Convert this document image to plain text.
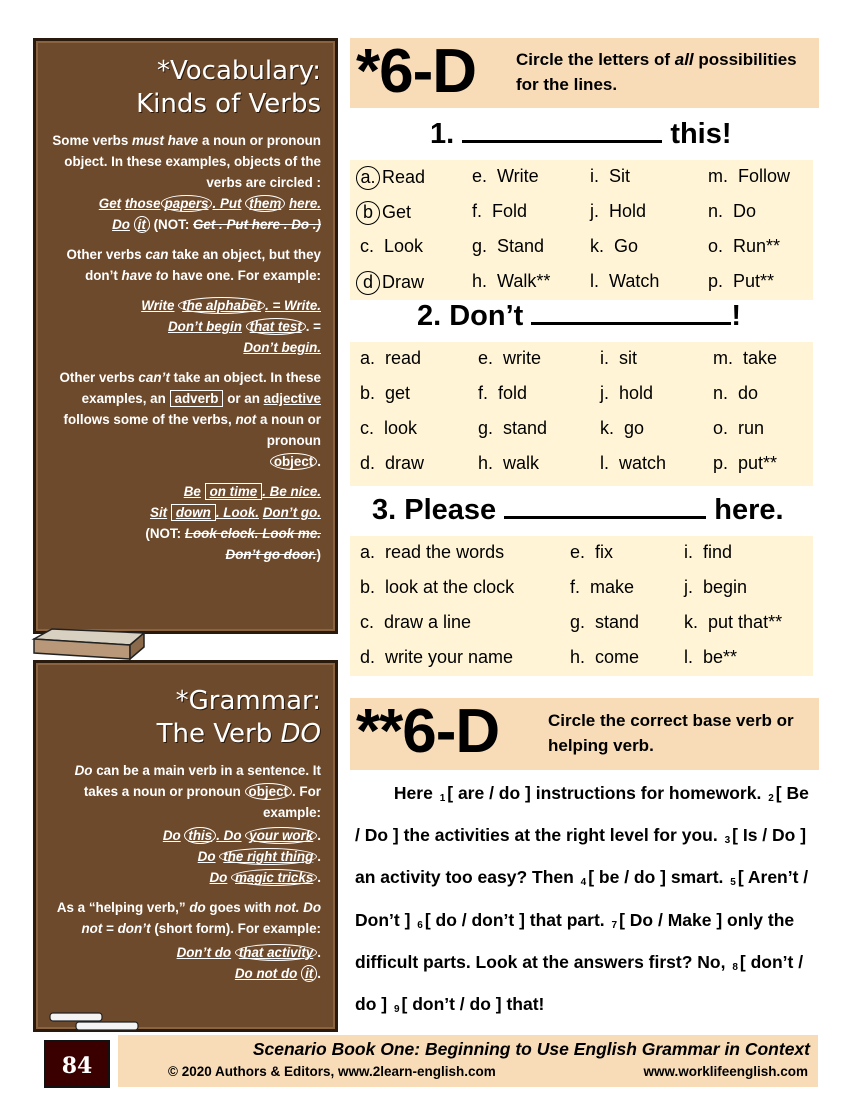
*Vocabulary:
Kinds of Verbs

Some verbs must have a noun or pronoun object. In these examples, objects of the verbs are circled :
Get those papers . Put them here.
Do it (NOT: Get . Put here . Do .)

Other verbs can take an object, but they don’t have to have one. For example:

Write the alphabet . = Write.
Don’t begin that test . =
Don’t begin.

Other verbs can’t take an object. In these examples, an adverb or an adjective follows some of the verbs, not a noun or pronoun
object .

Be on time . Be nice.
Sit down . Look. Don’t go.
(NOT: Look clock. Look me.
Don’t go door.)

*Grammar:
The Verb DO

Do can be a main verb in a sentence. It takes a noun or pronoun object . For example:

Do this . Do your work .
Do the right thing .
Do magic tricks .

As a “helping verb,” do goes with not. Do not = don’t (short form). For example:

Don’t do that activity .
Do not do it .

*6-D Circle the letters of all possibilities for the lines.
1.	this!
a. Read	e.  Write	i.  Sit	m.  Follow
b Get	f.  Fold	j.  Hold	n.  Do
c.  Look	g.  Stand	k.  Go	o.  Run**
d Draw	h.  Walk** l.  Watch	p.  Put**
2. Don’t	!
a.  read	e.  write	i.  sit	m.  take
b.  get	f.  fold	j.  hold	n.  do
c.  look	g.  stand	k.  go	o.  run
d.  draw	h.  walk	l.  watch	p.  put**
3. Please	here.
a.  read the words	e.  fix	i.  find
b.  look at the clock	f.  make	j.  begin
c.  draw a line	g.  stand k.  put that**
d.  write your name	h.  come l.  be**
**6-D	Circle the correct base verb or helping verb.
Here $_1$ [ are / do ] instructions for homework. $_2$ [ Be / Do ] the activities at the right level for you. $_3$ [ Is / Do ] an activity too easy? Then $_4$ [ be / do ] smart. $_5$ [ Aren’t / Don’t ] $_6$ [ do / don’t ] that part. $_7$ [ Do / Make ] only the difficult parts. Look at the answers first? No, $_8$ [ don’t / do ] $_9$ [ don’t / do ] that!
84
Scenario Book One: Beginning to Use English Grammar in Context
© 2020 Authors & Editors, www.2learn-english.com	www.worklifeenglish.com
